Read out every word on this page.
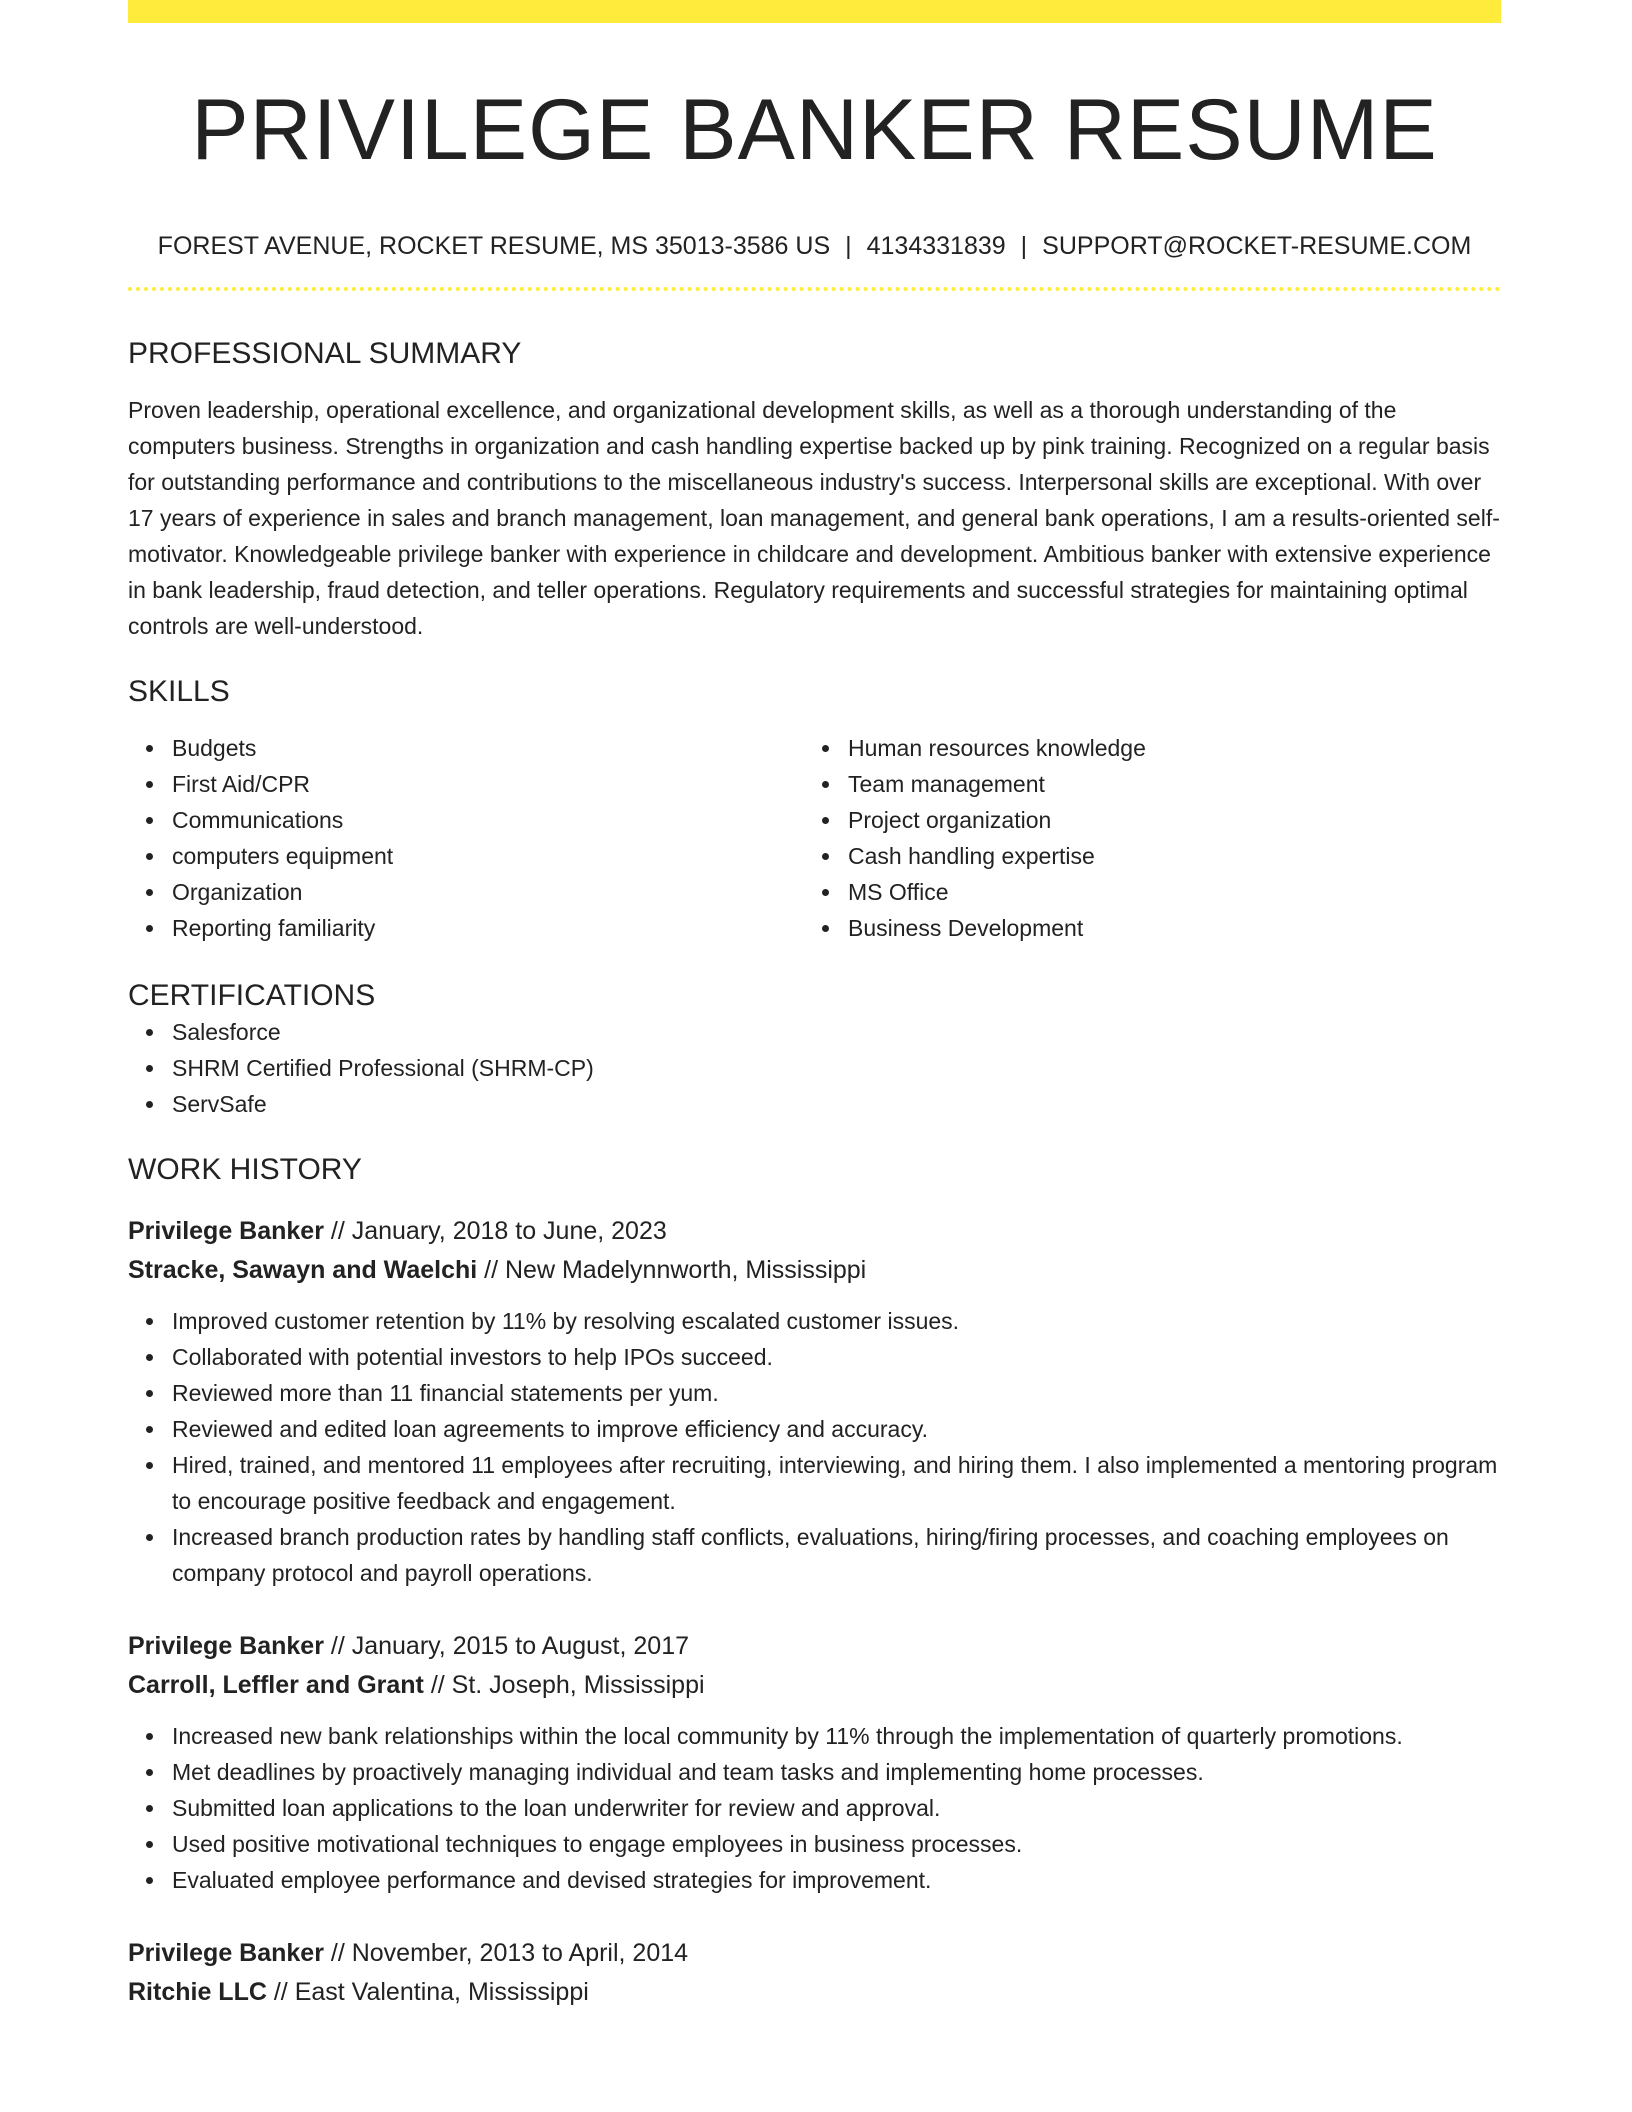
PRIVILEGE BANKER RESUME
FOREST AVENUE, ROCKET RESUME, MS 35013-3586 US | 4134331839 | SUPPORT@ROCKET-RESUME.COM
PROFESSIONAL SUMMARY
Proven leadership, operational excellence, and organizational development skills, as well as a thorough understanding of the computers business. Strengths in organization and cash handling expertise backed up by pink training. Recognized on a regular basis for outstanding performance and contributions to the miscellaneous industry's success. Interpersonal skills are exceptional. With over 17 years of experience in sales and branch management, loan management, and general bank operations, I am a results-oriented self-motivator. Knowledgeable privilege banker with experience in childcare and development. Ambitious banker with extensive experience in bank leadership, fraud detection, and teller operations. Regulatory requirements and successful strategies for maintaining optimal controls are well-understood.
SKILLS
Budgets
First Aid/CPR
Communications
computers equipment
Organization
Reporting familiarity
Human resources knowledge
Team management
Project organization
Cash handling expertise
MS Office
Business Development
CERTIFICATIONS
Salesforce
SHRM Certified Professional (SHRM-CP)
ServSafe
WORK HISTORY
Privilege Banker // January, 2018 to June, 2023
Stracke, Sawayn and Waelchi // New Madelynnworth, Mississippi
Improved customer retention by 11% by resolving escalated customer issues.
Collaborated with potential investors to help IPOs succeed.
Reviewed more than 11 financial statements per yum.
Reviewed and edited loan agreements to improve efficiency and accuracy.
Hired, trained, and mentored 11 employees after recruiting, interviewing, and hiring them. I also implemented a mentoring program to encourage positive feedback and engagement.
Increased branch production rates by handling staff conflicts, evaluations, hiring/firing processes, and coaching employees on company protocol and payroll operations.
Privilege Banker // January, 2015 to August, 2017
Carroll, Leffler and Grant // St. Joseph, Mississippi
Increased new bank relationships within the local community by 11% through the implementation of quarterly promotions.
Met deadlines by proactively managing individual and team tasks and implementing home processes.
Submitted loan applications to the loan underwriter for review and approval.
Used positive motivational techniques to engage employees in business processes.
Evaluated employee performance and devised strategies for improvement.
Privilege Banker // November, 2013 to April, 2014
Ritchie LLC // East Valentina, Mississippi
